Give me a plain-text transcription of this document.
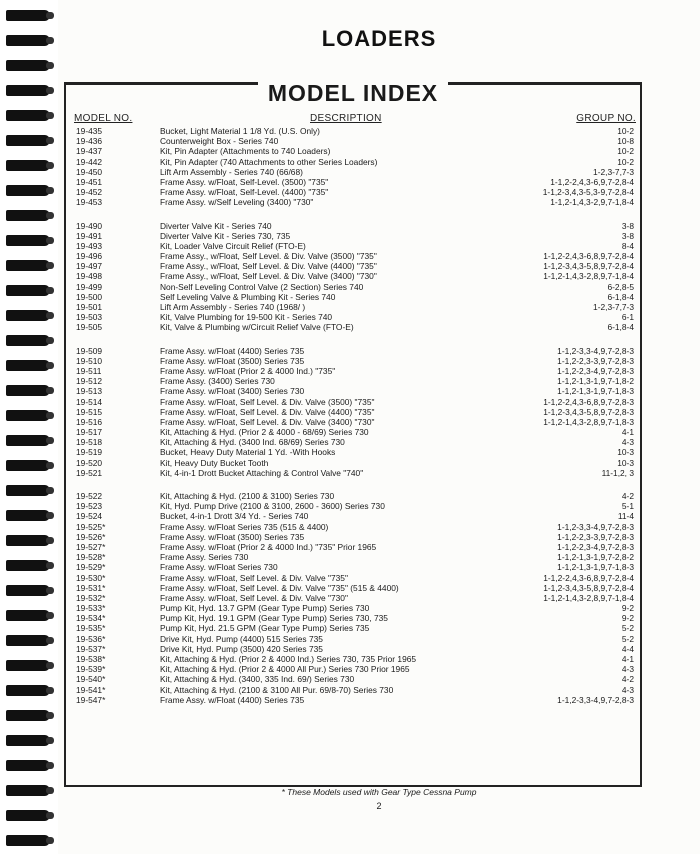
LOADERS
MODEL INDEX
MODEL NO.	DESCRIPTION	GROUP NO.
19-435	Bucket, Light Material 1 1/8 Yd. (U.S. Only)	10-2
19-436	Counterweight Box - Series 740	10-8
19-437	Kit, Pin Adapter (Attachments to 740 Loaders)	10-2
19-442	Kit, Pin Adapter (740 Attachments to other Series Loaders)	10-2
19-450	Lift Arm Assembly - Series 740 (66/68)	1-2,3-7,7-3
19-451	Frame Assy. w/Float, Self-Level. (3500) "735"	1-1,2-2,4,3-6,9,7-2,8-4
19-452	Frame Assy. w/Float, Self-Level. (4400) "735"	1-1,2-3,4,3-5,3-9,7-2,8-4
19-453	Frame Assy. w/Self Leveling (3400) "730"	1-1,2-1,4,3-2,9,7-1,8-4
19-490	Diverter Valve Kit - Series 740	3-8
19-491	Diverter Valve Kit - Series 730, 735	3-8
19-493	Kit, Loader Valve Circuit Relief (FTO-E)	8-4
19-496	Frame Assy., w/Float, Self Level. & Div. Valve (3500) "735"	1-1,2-2,4,3-6,8,9,7-2,8-4
19-497	Frame Assy., w/Float, Self Level. & Div. Valve (4400) "735"	1-1,2-3,4,3-5,8,9,7-2,8-4
19-498	Frame Assy., w/Float, Self Level. & Div. Valve (3400) "730"	1-1,2-1,4,3-2,8,9,7-1,8-4
19-499	Non-Self Leveling Control Valve (2 Section) Series 740	6-2,8-5
19-500	Self Leveling Valve & Plumbing Kit - Series 740	6-1,8-4
19-501	Lift Arm Assembly - Series 740 (1968/ )	1-2,3-7,7-3
19-503	Kit, Valve Plumbing for 19-500 Kit - Series 740	6-1
19-505	Kit, Valve & Plumbing w/Circuit Relief Valve (FTO-E)	6-1,8-4
19-509	Frame Assy. w/Float (4400) Series 735	1-1,2-3,3-4,9,7-2,8-3
19-510	Frame Assy. w/Float (3500) Series 735	1-1,2-2,3-3,9,7-2,8-3
19-511	Frame Assy. w/Float (Prior 2 & 4000 Ind.) "735"	1-1,2-2,3-4,9,7-2,8-3
19-512	Frame Assy. (3400) Series 730	1-1,2-1,3-1,9,7-1,8-2
19-513	Frame Assy. w/Float (3400) Series 730	1-1,2-1,3-1,9,7-1,8-3
19-514	Frame Assy. w/Float, Self Level. & Div. Valve (3500) "735"	1-1,2-2,4,3-6,8,9,7-2,8-3
19-515	Frame Assy. w/Float, Self Level. & Div. Valve (4400) "735"	1-1,2-3,4,3-5,8,9,7-2,8-3
19-516	Frame Assy. w/Float, Self Level. & Div. Valve (3400) "730"	1-1,2-1,4,3-2,8,9,7-1,8-3
19-517	Kit, Attaching & Hyd. (Prior 2 & 4000 - 68/69) Series 730	4-1
19-518	Kit, Attaching & Hyd. (3400 Ind. 68/69) Series 730	4-3
19-519	Bucket, Heavy Duty Material 1 Yd. -With Hooks	10-3
19-520	Kit, Heavy Duty Bucket Tooth	10-3
19-521	Kit, 4-in-1 Drott Bucket Attaching & Control Valve "740"	11-1,2, 3
19-522	Kit, Attaching & Hyd. (2100 & 3100) Series 730	4-2
19-523	Kit, Hyd. Pump Drive (2100 & 3100, 2600 - 3600) Series 730	5-1
19-524	Bucket, 4-in-1 Drott 3/4 Yd. - Series 740	11-4
19-525*	Frame Assy. w/Float Series 735 (515 & 4400)	1-1,2-3,3-4,9,7-2,8-3
19-526*	Frame Assy. w/Float (3500) Series 735	1-1,2-2,3-3,9,7-2,8-3
19-527*	Frame Assy. w/Float (Prior 2 & 4000 Ind.) "735" Prior 1965	1-1,2-2,3-4,9,7-2,8-3
19-528*	Frame Assy. Series 730	1-1,2-1,3-1,9,7-2,8-2
19-529*	Frame Assy. w/Float Series 730	1-1,2-1,3-1,9,7-1,8-3
19-530*	Frame Assy. w/Float, Self Level. & Div. Valve "735"	1-1,2-2,4,3-6,8,9,7-2,8-4
19-531*	Frame Assy. w/Float, Self Level. & Div. Valve "735" (515 & 4400)	1-1,2-3,4,3-5,8,9,7-2,8-4
19-532*	Frame Assy. w/Float, Self Level. & Div. Valve "730"	1-1,2-1,4,3-2,8,9,7-1,8-4
19-533*	Pump Kit, Hyd. 13.7 GPM (Gear Type Pump) Series 730	9-2
19-534*	Pump Kit, Hyd. 19.1 GPM (Gear Type Pump) Series 730, 735	9-2
19-535*	Pump Kit, Hyd. 21.5 GPM (Gear Type Pump) Series 735	5-2
19-536*	Drive Kit, Hyd. Pump (4400) 515 Series 735	5-2
19-537*	Drive Kit, Hyd. Pump (3500) 420 Series 735	4-4
19-538*	Kit, Attaching & Hyd. (Prior 2 & 4000 Ind.) Series 730, 735 Prior 1965	4-1
19-539*	Kit, Attaching & Hyd. (Prior 2 & 4000 All Pur.) Series 730 Prior 1965	4-3
19-540*	Kit, Attaching & Hyd. (3400, 335 Ind. 69/) Series 730	4-2
19-541*	Kit, Attaching & Hyd. (2100 & 3100 All Pur. 69/8-70) Series 730	4-3
19-547*	Frame Assy. w/Float (4400) Series 735	1-1,2-3,3-4,9,7-2,8-3
* These Models used with Gear Type Cessna Pump
2
